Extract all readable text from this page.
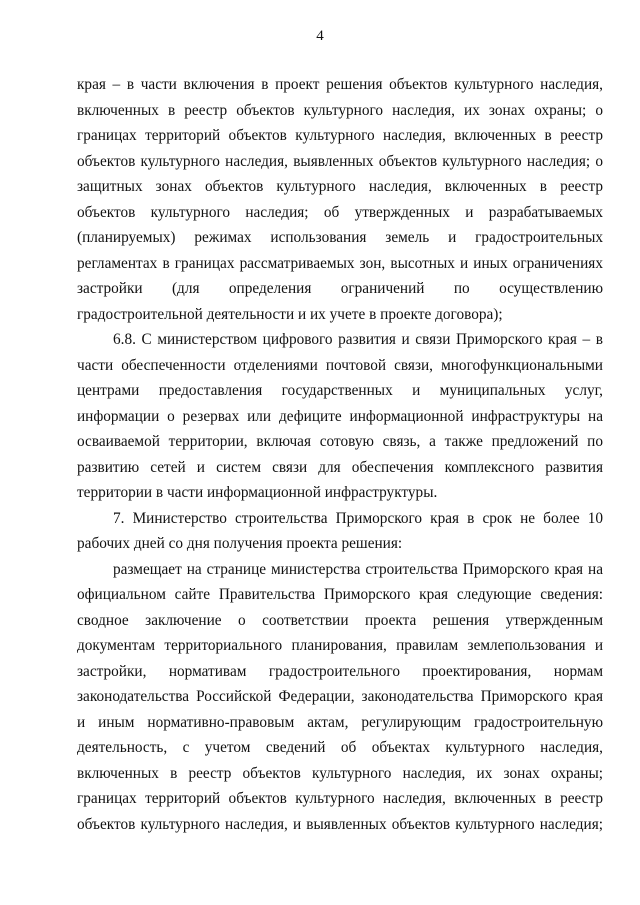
4
края – в части включения в проект решения объектов культурного наследия,
включенных в реестр объектов культурного наследия, их зонах охраны; о
границах территорий объектов культурного наследия, включенных в реестр
объектов культурного наследия, выявленных объектов культурного наследия; о
защитных зонах объектов культурного наследия, включенных в реестр
объектов культурного наследия; об утвержденных и разрабатываемых
(планируемых) режимах использования земель и градостроительных
регламентах в границах рассматриваемых зон, высотных и иных ограничениях
застройки (для определения ограничений по осуществлению
градостроительной деятельности и их учете в проекте договора);
6.8. С министерством цифрового развития и связи Приморского края – в
части обеспеченности отделениями почтовой связи, многофункциональными
центрами предоставления государственных и муниципальных услуг,
информации о резервах или дефиците информационной инфраструктуры на
осваиваемой территории, включая сотовую связь, а также предложений по
развитию сетей и систем связи для обеспечения комплексного развития
территории в части информационной инфраструктуры.
7. Министерство строительства Приморского края в срок не более 10
рабочих дней со дня получения проекта решения:
размещает на странице министерства строительства Приморского края на
официальном сайте Правительства Приморского края следующие сведения:
сводное заключение о соответствии проекта решения утвержденным
документам территориального планирования, правилам землепользования и
застройки, нормативам градостроительного проектирования, нормам
законодательства Российской Федерации, законодательства Приморского края
и иным нормативно-правовым актам, регулирующим градостроительную
деятельность, с учетом сведений об объектах культурного наследия,
включенных в реестр объектов культурного наследия, их зонах охраны;
границах территорий объектов культурного наследия, включенных в реестр
объектов культурного наследия, и выявленных объектов культурного наследия;
